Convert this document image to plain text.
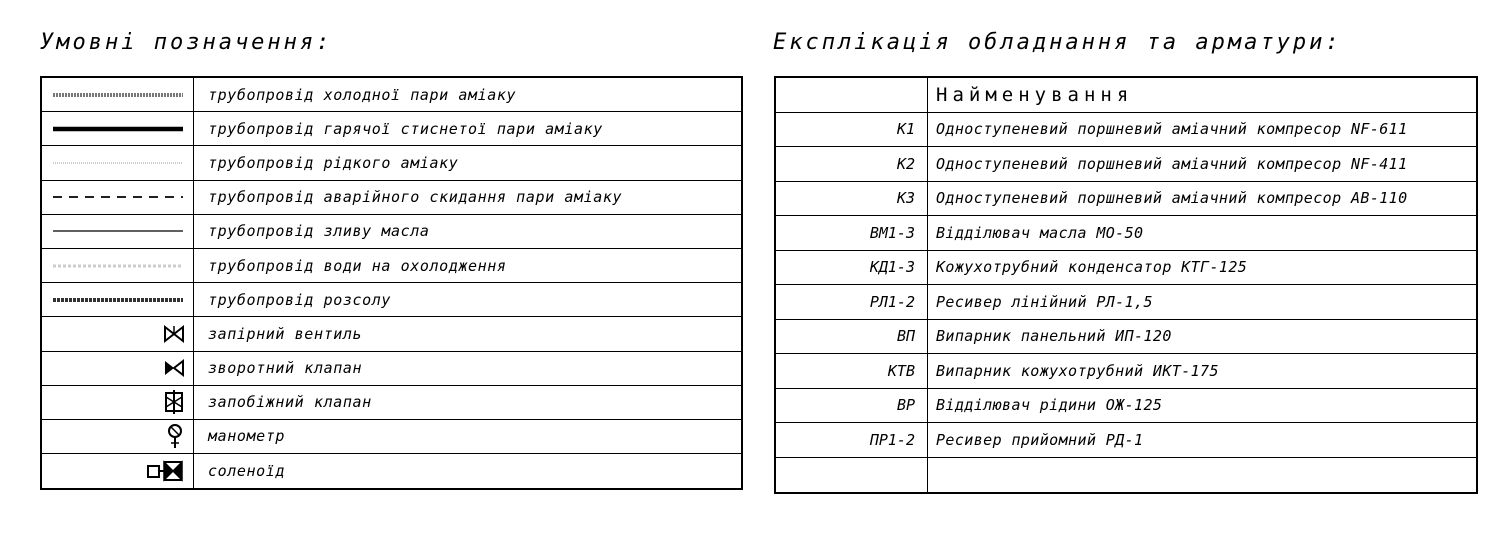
Умовні позначення:	Експлікація обладнання та арматури:
трубопровід холодної пари аміаку
трубопровід гарячої стиснетої пари аміаку
трубопровід рідкого аміаку
трубопровід аварійного скидання пари аміаку
трубопровід зливу масла
трубопровід води на охолодження
трубопровід розсолу
запірний вентиль
зворотний клапан
запобіжний клапан
манометр
соленоїд
Найменування
К1	Одноступеневий поршневий аміачний компресор NF-611
К2	Одноступеневий поршневий аміачний компресор NF-411
К3	Одноступеневий поршневий аміачний компресор АВ-110
ВМ1-3	Відділювач масла МО-50
КД1-3	Кожухотрубний конденсатор КТГ-125
РЛ1-2	Ресивер лінійний РЛ-1,5
ВП	Випарник панельний ИП-120
КТВ	Випарник кожухотрубний ИКТ-175
ВР	Відділювач рідини ОЖ-125
ПР1-2	Ресивер прийомний РД-1
